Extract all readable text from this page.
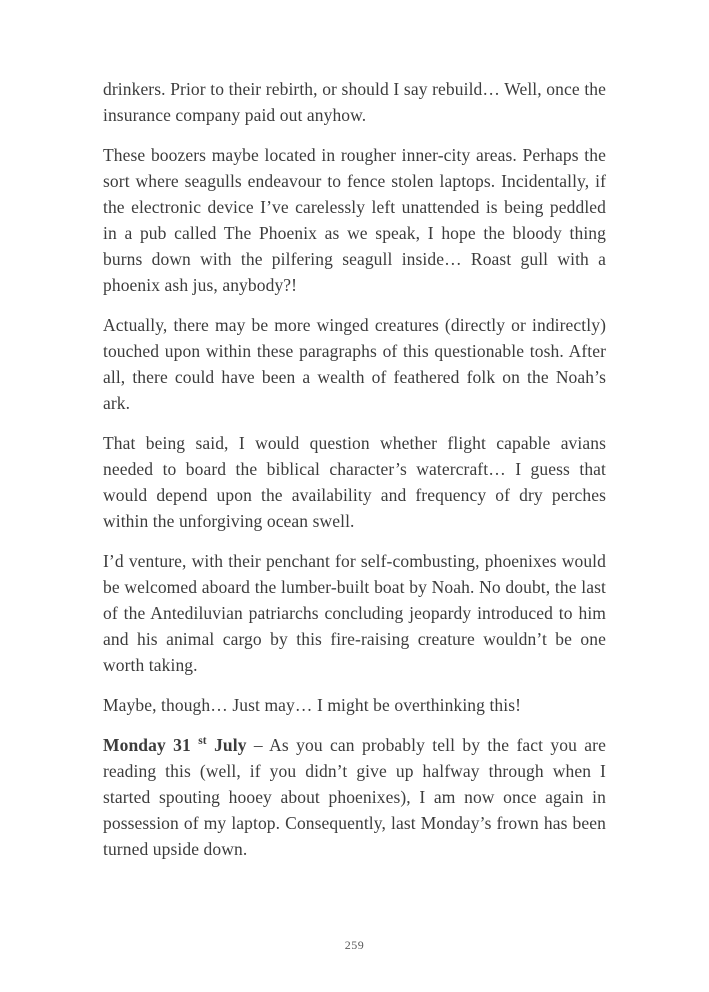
drinkers. Prior to their rebirth, or should I say rebuild… Well, once the insurance company paid out anyhow.

These boozers maybe located in rougher inner-city areas. Perhaps the sort where seagulls endeavour to fence stolen laptops. Incidentally, if the electronic device I’ve carelessly left unattended is being peddled in a pub called The Phoenix as we speak, I hope the bloody thing burns down with the pilfering seagull inside… Roast gull with a phoenix ash jus, anybody?!

Actually, there may be more winged creatures (directly or indirectly) touched upon within these paragraphs of this questionable tosh. After all, there could have been a wealth of feathered folk on the Noah’s ark.

That being said, I would question whether flight capable avians needed to board the biblical character’s watercraft… I guess that would depend upon the availability and frequency of dry perches within the unforgiving ocean swell.

I’d venture, with their penchant for self-combusting, phoenixes would be welcomed aboard the lumber-built boat by Noah. No doubt, the last of the Antediluvian patriarchs concluding jeopardy introduced to him and his animal cargo by this fire-raising creature wouldn’t be one worth taking.

Maybe, though… Just may… I might be overthinking this!

Monday 31 $^{st}$ July – As you can probably tell by the fact you are reading this (well, if you didn’t give up halfway through when I started spouting hooey about phoenixes), I am now once again in possession of my laptop. Consequently, last Monday’s frown has been turned upside down.

259
